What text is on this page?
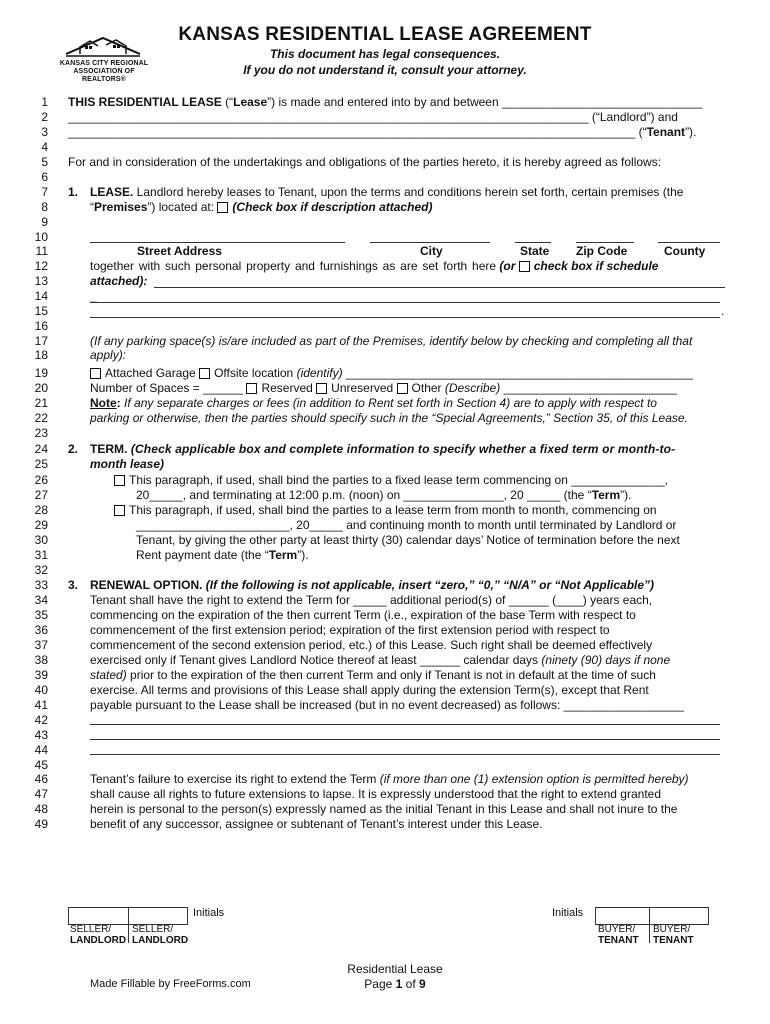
KANSAS CITY REGIONAL
ASSOCIATION OF REALTORS®
KANSAS RESIDENTIAL LEASE AGREEMENT
This document has legal consequences.
If you do not understand it, consult your attorney.
1
2
3
4
5
6
7
8
9
10
11
12
13
14
15
16
17
18
19
20
21
22
23
24
25
26
27
28
29
30
31
32
33
34
35
36
37
38
39
40
41
42
43
44
45
46
47
48
49
THIS RESIDENTIAL LEASE (“Lease”) is made and entered into by and between ______________________________
______________________________________________________________________________ (“Landlord”) and
_____________________________________________________________________________________ (“Tenant”).
For and in consideration of the undertakings and obligations of the parties hereto, it is hereby agreed as follows:
1. LEASE. Landlord hereby leases to Tenant, upon the terms and conditions herein set forth, certain premises (the
“Premises”) located at: (Check box if description attached)
Street Address	City	State Zip Code	County
together with such personal property and furnishings as are set forth here (or check box if schedule
attached):
_
.
(If any parking space(s) is/are included as part of the Premises, identify below by checking and completing all that
apply):
Attached Garage Offsite location (identify) ____________________________________________________
Number of Spaces = ______ Reserved Unreserved Other (Describe) __________________________
Note: If any separate charges or fees (in addition to Rent set forth in Section 4) are to apply with respect to
parking or otherwise, then the parties should specify such in the “Special Agreements,” Section 35, of this Lease.
2. TERM. (Check applicable box and complete information to specify whether a fixed term or month-to-
month lease)
This paragraph, if used, shall bind the parties to a fixed lease term commencing on ______________,
20_____, and terminating at 12:00 p.m. (noon) on _______________, 20 _____ (the “Term”).
This paragraph, if used, shall bind the parties to a lease term from month to month, commencing on
_______________________, 20_____ and continuing month to month until terminated by Landlord or
Tenant, by giving the other party at least thirty (30) calendar days’ Notice of termination before the next
Rent payment date (the “Term”).
3. RENEWAL OPTION. (If the following is not applicable, insert “zero,” “0,” “N/A” or “Not Applicable”)
Tenant shall have the right to extend the Term for _____ additional period(s) of ______ (____) years each,
commencing on the expiration of the then current Term (i.e., expiration of the base Term with respect to
commencement of the first extension period; expiration of the first extension period with respect to
commencement of the second extension period, etc.) of this Lease. Such right shall be deemed effectively
exercised only if Tenant gives Landlord Notice thereof at least ______ calendar days (ninety (90) days if none
stated) prior to the expiration of the then current Term and only if Tenant is not in default at the time of such
exercise. All terms and provisions of this Lease shall apply during the extension Term(s), except that Rent
payable pursuant to the Lease shall be increased (but in no event decreased) as follows: __________________
Tenant’s failure to exercise its right to extend the Term (if more than one (1) extension option is permitted hereby)
shall cause all rights to future extensions to lapse. It is expressly understood that the right to extend granted
herein is personal to the person(s) expressly named as the initial Tenant in this Lease and shall not inure to the
benefit of any successor, assignee or subtenant of Tenant’s interest under this Lease.
Initials
SELLER/
LANDLORD
SELLER/
LANDLORD
Initials
BUYER/
TENANT
BUYER/
TENANT
Made Fillable by FreeForms.com
Residential Lease
Page 1 of 9
